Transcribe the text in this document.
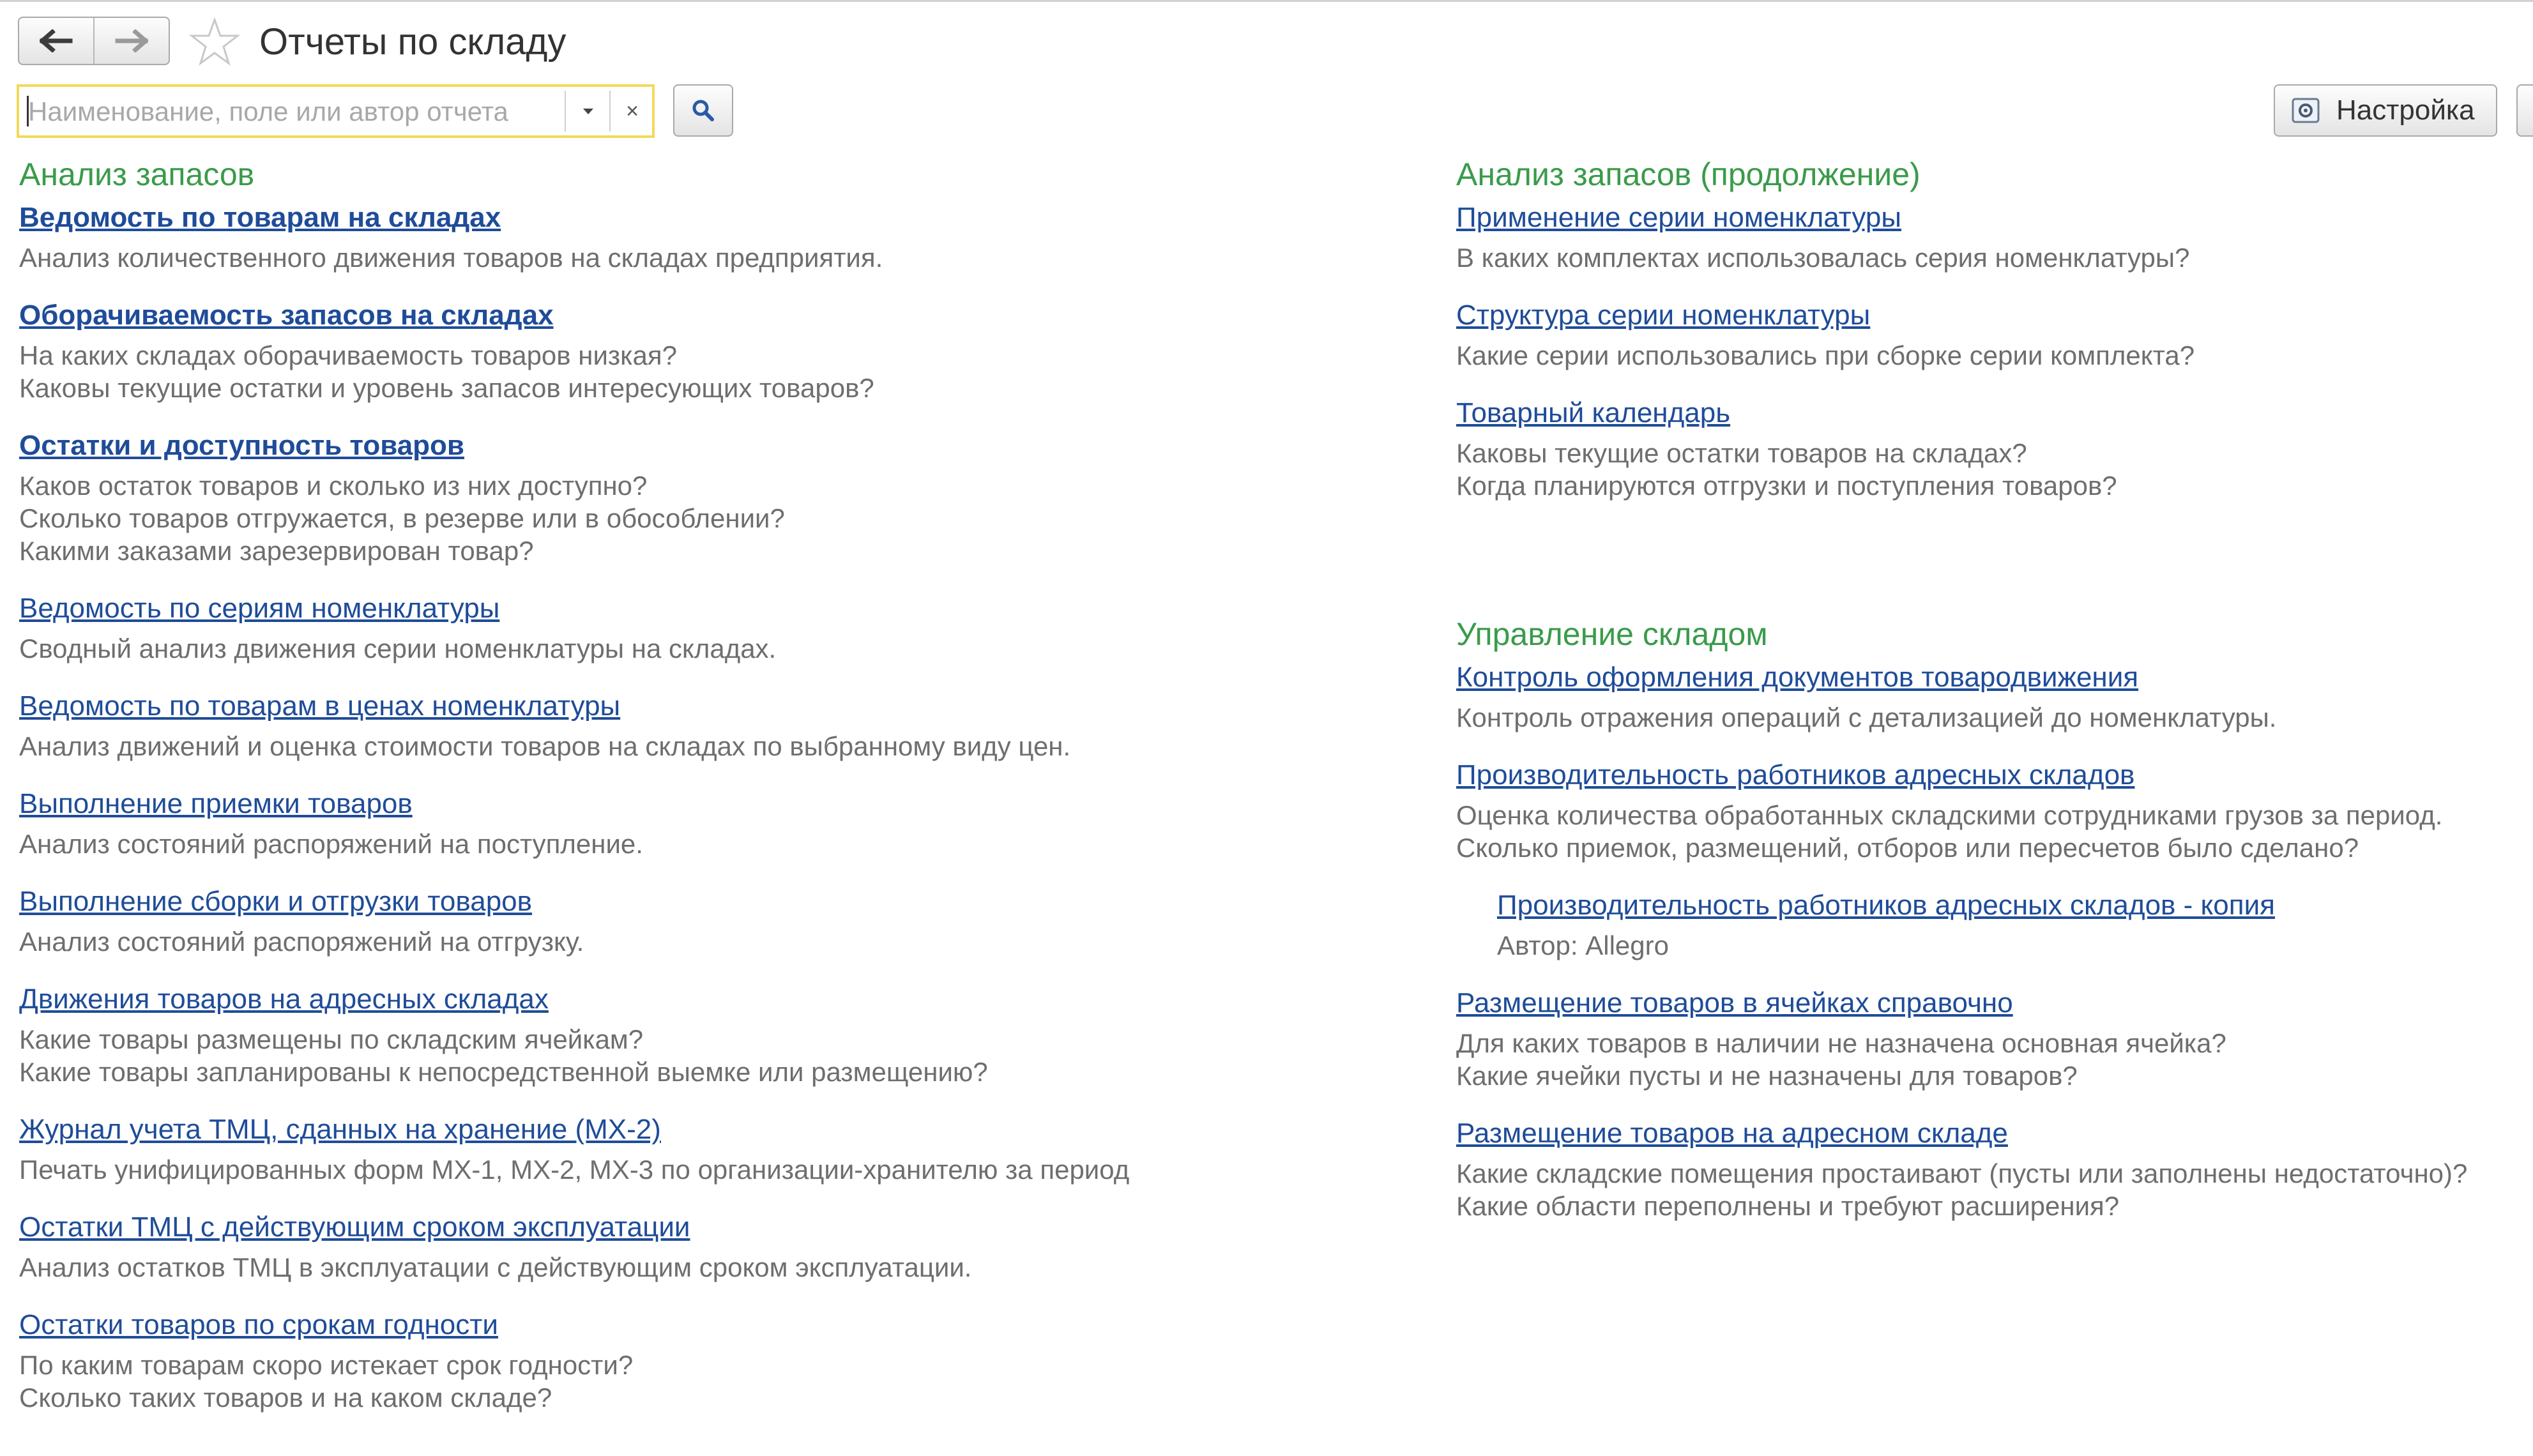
Отчеты по складу
Наименование, поле или автор отчета
×	Настройка
Анализ запасов
Ведомость по товарам на складах
Анализ количественного движения товаров на складах предприятия.
Оборачиваемость запасов на складах
На каких складах оборачиваемость товаров низкая?
Каковы текущие остатки и уровень запасов интересующих товаров?
Остатки и доступность товаров
Каков остаток товаров и сколько из них доступно?
Сколько товаров отгружается, в резерве или в обособлении?
Какими заказами зарезервирован товар?
Ведомость по сериям номенклатуры
Сводный анализ движения серии номенклатуры на складах.
Ведомость по товарам в ценах номенклатуры
Анализ движений и оценка стоимости товаров на складах по выбранному виду цен.
Выполнение приемки товаров
Анализ состояний распоряжений на поступление.
Выполнение сборки и отгрузки товаров
Анализ состояний распоряжений на отгрузку.
Движения товаров на адресных складах
Какие товары размещены по складским ячейкам?
Какие товары запланированы к непосредственной выемке или размещению?
Журнал учета ТМЦ, сданных на хранение (МХ-2)
Печать унифицированных форм МХ-1, МХ-2, МХ-3 по организации-хранителю за период
Остатки ТМЦ с действующим сроком эксплуатации
Анализ остатков ТМЦ в эксплуатации с действующим сроком эксплуатации.
Остатки товаров по срокам годности
По каким товарам скоро истекает срок годности?
Сколько таких товаров и на каком складе?
Анализ запасов (продолжение)
Применение серии номенклатуры
В каких комплектах использовалась серия номенклатуры?
Структура серии номенклатуры
Какие серии использовались при сборке серии комплекта?
Товарный календарь
Каковы текущие остатки товаров на складах?
Когда планируются отгрузки и поступления товаров?
Управление складом
Контроль оформления документов товародвижения
Контроль отражения операций с детализацией до номенклатуры.
Производительность работников адресных складов
Оценка количества обработанных складскими сотрудниками грузов за период.
Сколько приемок, размещений, отборов или пересчетов было сделано?
Производительность работников адресных складов - копия
Автор: Allegro
Размещение товаров в ячейках справочно
Для каких товаров в наличии не назначена основная ячейка?
Какие ячейки пусты и не назначены для товаров?
Размещение товаров на адресном складе
Какие складские помещения простаивают (пусты или заполнены недостаточно)?
Какие области переполнены и требуют расширения?
